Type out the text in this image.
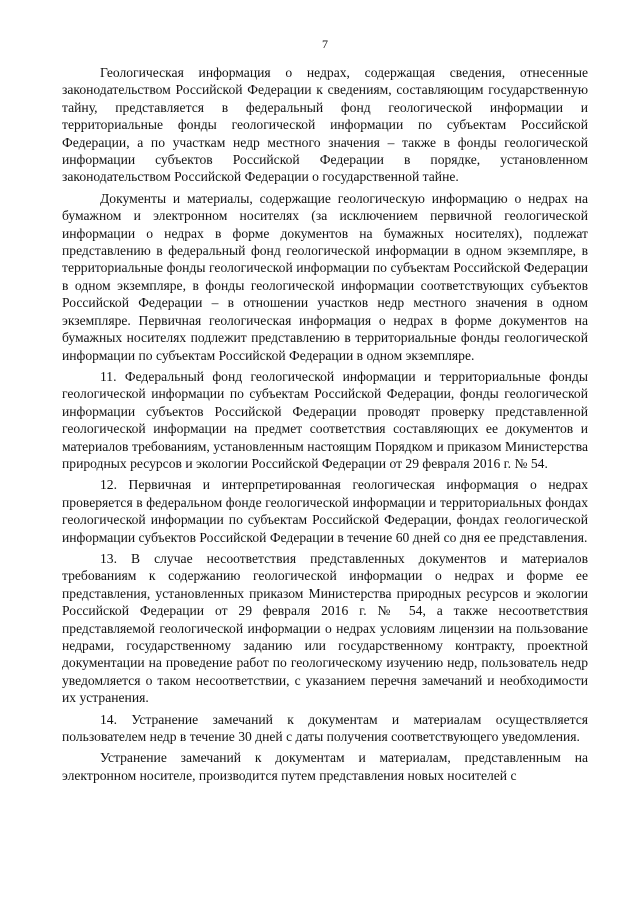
7

Геологическая информация о недрах, содержащая сведения, отнесенные законодательством Российской Федерации к сведениям, составляющим государственную тайну, представляется в федеральный фонд геологической информации и территориальные фонды геологической информации по субъектам Российской Федерации, а по участкам недр местного значения – также в фонды геологической информации субъектов Российской Федерации в порядке, установленном законодательством Российской Федерации о государственной тайне.

Документы и материалы, содержащие геологическую информацию о недрах на бумажном и электронном носителях (за исключением первичной геологической информации о недрах в форме документов на бумажных носителях), подлежат представлению в федеральный фонд геологической информации в одном экземпляре, в территориальные фонды геологической информации по субъектам Российской Федерации в одном экземпляре, в фонды геологической информации соответствующих субъектов Российской Федерации – в отношении участков недр местного значения в одном экземпляре. Первичная геологическая информация о недрах в форме документов на бумажных носителях подлежит представлению в территориальные фонды геологической информации по субъектам Российской Федерации в одном экземпляре.

11. Федеральный фонд геологической информации и территориальные фонды геологической информации по субъектам Российской Федерации, фонды геологической информации субъектов Российской Федерации проводят проверку представленной геологической информации на предмет соответствия составляющих ее документов и материалов требованиям, установленным настоящим Порядком и приказом Министерства природных ресурсов и экологии Российской Федерации от 29 февраля 2016 г. № 54.

12. Первичная и интерпретированная геологическая информация о недрах проверяется в федеральном фонде геологической информации и территориальных фондах геологической информации по субъектам Российской Федерации, фондах геологической информации субъектов Российской Федерации в течение 60 дней со дня ее представления.

13. В случае несоответствия представленных документов и материалов требованиям к содержанию геологической информации о недрах и форме ее представления, установленных приказом Министерства природных ресурсов и экологии Российской Федерации от 29 февраля 2016 г. № 54, а также несоответствия представляемой геологической информации о недрах условиям лицензии на пользование недрами, государственному заданию или государственному контракту, проектной документации на проведение работ по геологическому изучению недр, пользователь недр уведомляется о таком несоответствии, с указанием перечня замечаний и необходимости их устранения.

14. Устранение замечаний к документам и материалам осуществляется пользователем недр в течение 30 дней с даты получения соответствующего уведомления.

Устранение замечаний к документам и материалам, представленным на электронном носителе, производится путем представления новых носителей с
